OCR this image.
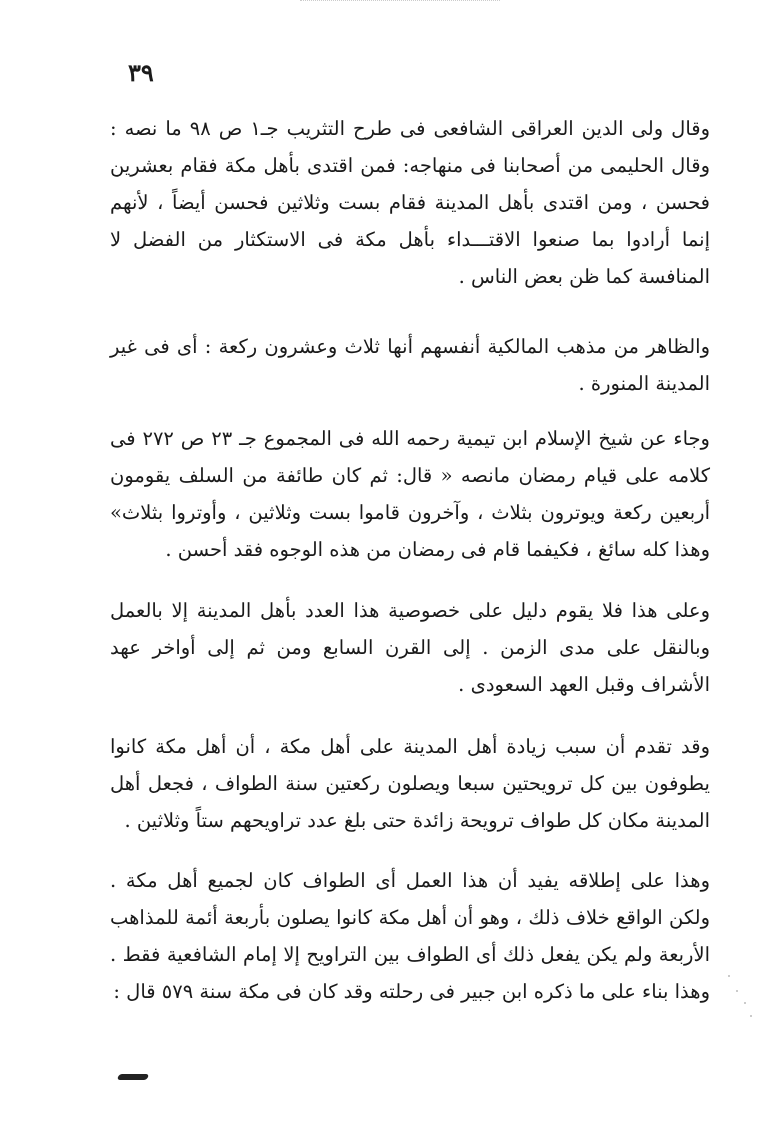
٣٩

وقال ولى الدين العراقى الشافعى فى طرح التثريب جـ١ ص ٩٨ ما نصه : وقال الحليمى من أصحابنا فى منهاجه: فمن اقتدى بأهل مكة فقام بعشرين فحسن ، ومن اقتدى بأهل المدينة فقام بست وثلاثين فحسن أيضاً ، لأنهم إنما أرادوا بما صنعوا الاقتـــداء بأهل مكة فى الاستكثار من الفضل لا المنافسة كما ظن بعض الناس .

والظاهر من مذهب المالكية أنفسهم أنها ثلاث وعشرون ركعة : أى فى غير المدينة المنورة .

وجاء عن شيخ الإسلام ابن تيمية رحمه الله فى المجموع جـ ٢٣ ص ٢٧٢ فى كلامه على قيام رمضان مانصه « قال: ثم كان طائفة من السلف يقومون أربعين ركعة ويوترون بثلاث ، وآخرون قاموا بست وثلاثين ، وأوتروا بثلاث» وهذا كله سائغ ، فكيفما قام فى رمضان من هذه الوجوه فقد أحسن .

وعلى هذا فلا يقوم دليل على خصوصية هذا العدد بأهل المدينة إلا بالعمل وبالنقل على مدى الزمن . إلى القرن السابع ومن ثم إلى أواخر عهد الأشراف وقبل العهد السعودى .

وقد تقدم أن سبب زيادة أهل المدينة على أهل مكة ، أن أهل مكة كانوا يطوفون بين كل ترويحتين سبعا ويصلون ركعتين سنة الطواف ، فجعل أهل المدينة مكان كل طواف ترويحة زائدة حتى بلغ عدد تراويحهم ستاً وثلاثين .

وهذا على إطلاقه يفيد أن هذا العمل أى الطواف كان لجميع أهل مكة . ولكن الواقع خلاف ذلك ، وهو أن أهل مكة كانوا يصلون بأربعة أئمة للمذاهب الأربعة ولم يكن يفعل ذلك أى الطواف بين التراويح إلا إمام الشافعية فقط . وهذا بناء على ما ذكره ابن جبير فى رحلته وقد كان فى مكة سنة ٥٧٩ قال :
